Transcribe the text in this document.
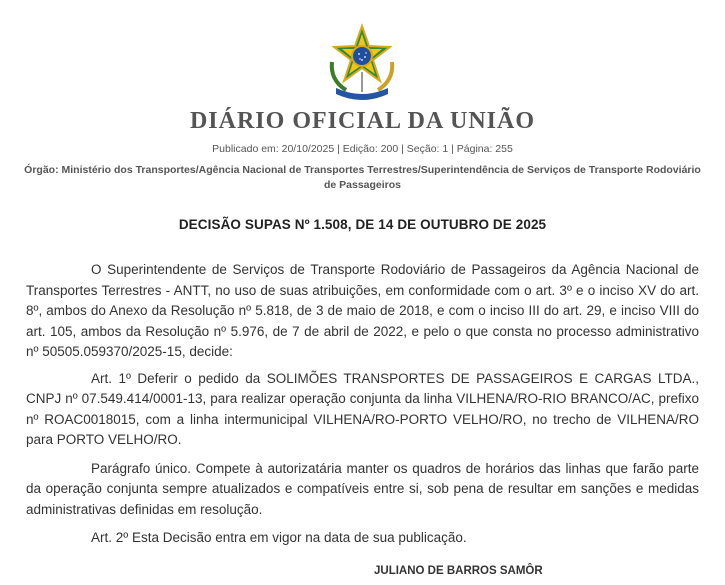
DIÁRIO OFICIAL DA UNIÃO
Publicado em: 20/10/2025 | Edição: 200 | Seção: 1 | Página: 255
Órgão: Ministério dos Transportes/Agência Nacional de Transportes Terrestres/Superintendência de Serviços de Transporte Rodoviário de Passageiros
DECISÃO SUPAS Nº 1.508, DE 14 DE OUTUBRO DE 2025

O Superintendente de Serviços de Transporte Rodoviário de Passageiros da Agência Nacional de Transportes Terrestres - ANTT, no uso de suas atribuições, em conformidade com o art. 3º e o inciso XV do art. 8º, ambos do Anexo da Resolução nº 5.818, de 3 de maio de 2018, e com o inciso III do art. 29, e inciso VIII do art. 105, ambos da Resolução nº 5.976, de 7 de abril de 2022, e pelo o que consta no processo administrativo nº 50505.059370/2025-15, decide:

Art. 1º Deferir o pedido da SOLIMÕES TRANSPORTES DE PASSAGEIROS E CARGAS LTDA., CNPJ nº 07.549.414/0001-13, para realizar operação conjunta da linha VILHENA/RO-RIO BRANCO/AC, prefixo nº ROAC0018015, com a linha intermunicipal VILHENA/RO-PORTO VELHO/RO, no trecho de VILHENA/RO para PORTO VELHO/RO.

Parágrafo único. Compete à autorizatária manter os quadros de horários das linhas que farão parte da operação conjunta sempre atualizados e compatíveis entre si, sob pena de resultar em sanções e medidas administrativas definidas em resolução.

Art. 2º Esta Decisão entra em vigor na data de sua publicação.

JULIANO DE BARROS SAMÔR
